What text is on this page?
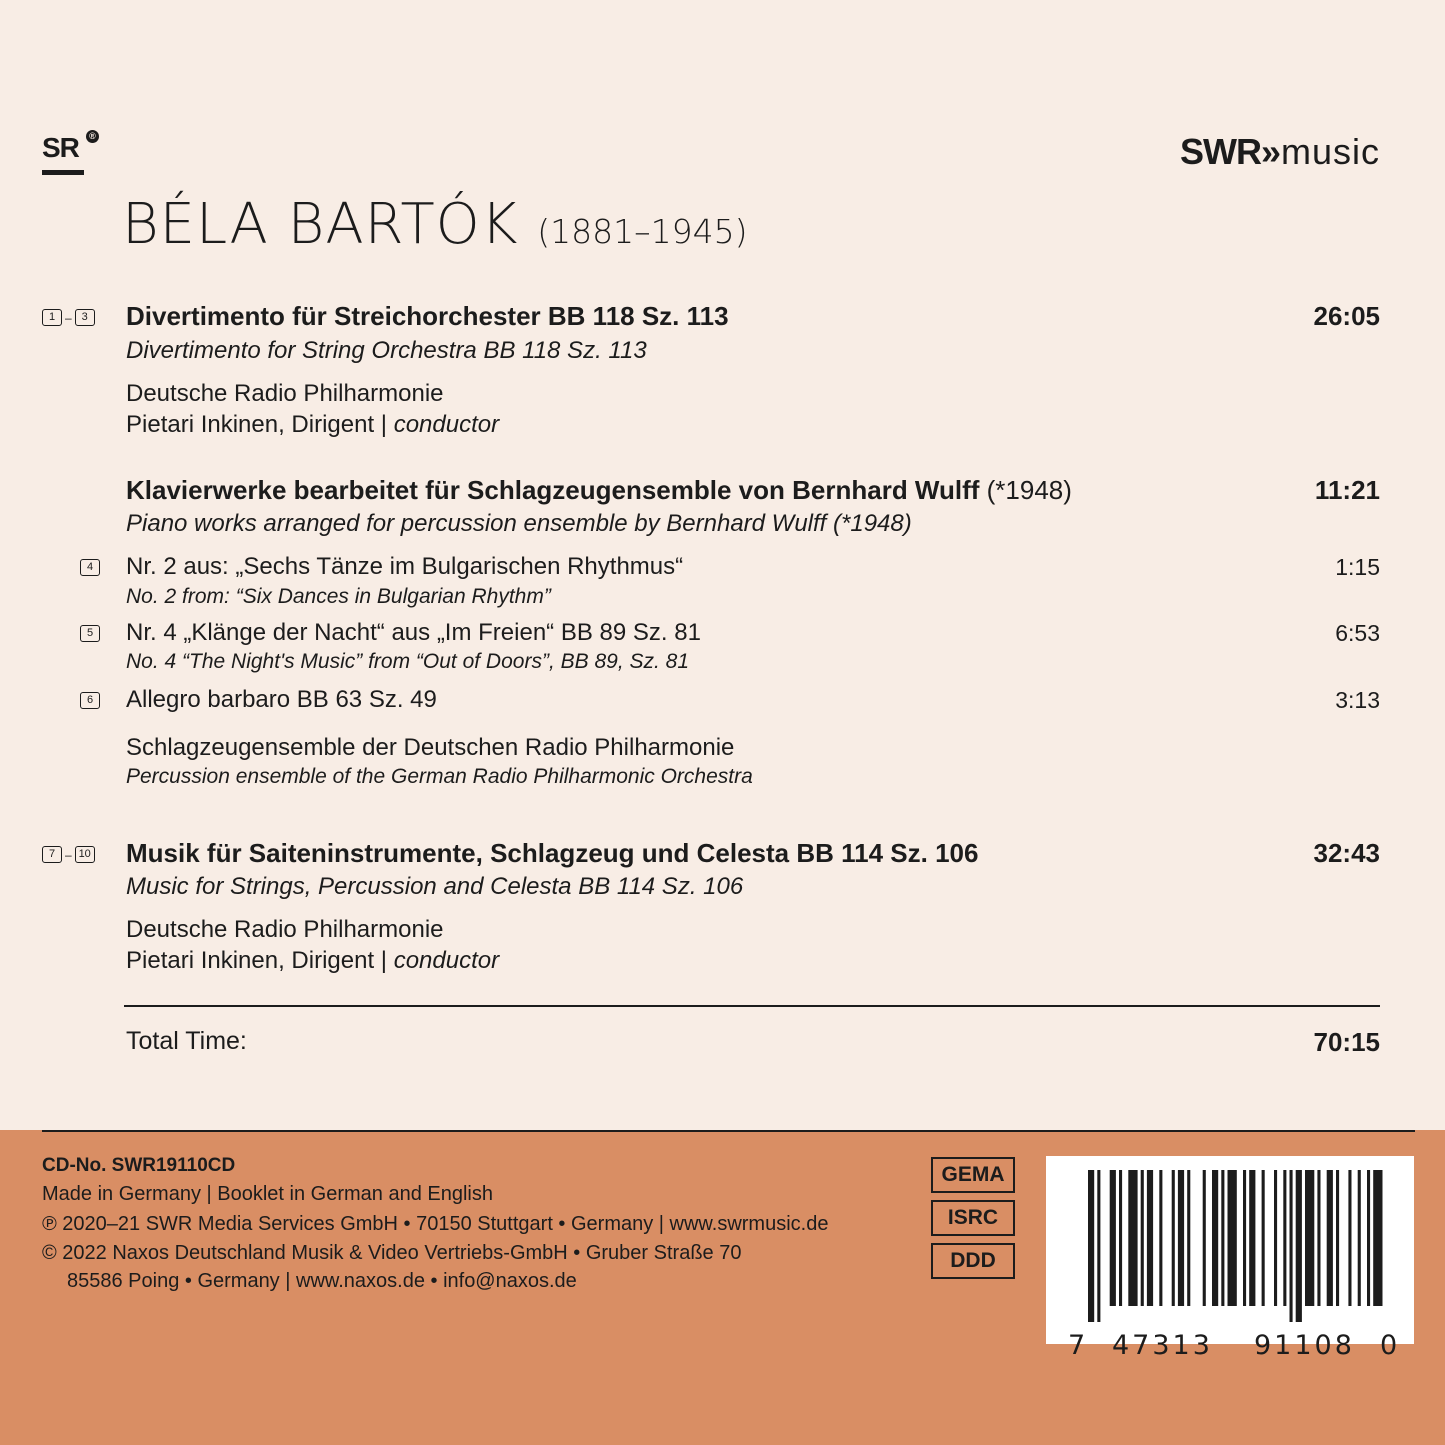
SR	®	SWR» music
BÉLA BARTÓK (1881–1945)
1 – 3 Divertimento für Streichorchester BB 118 Sz. 113	26:05
Divertimento for String Orchestra BB 118 Sz. 113
Deutsche Radio Philharmonie
Pietari Inkinen, Dirigent | conductor
Klavierwerke bearbeitet für Schlagzeugensemble von Bernhard Wulff (*1948)	11:21
Piano works arranged for percussion ensemble by Bernhard Wulff (*1948)
4 Nr. 2 aus: „Sechs Tänze im Bulgarischen Rhythmus“	1:15
No. 2 from: “Six Dances in Bulgarian Rhythm”
5 Nr. 4 „Klänge der Nacht“ aus „Im Freien“ BB 89 Sz. 81	6:53
No. 4 “The Night's Music” from “Out of Doors”, BB 89, Sz. 81
6 Allegro barbaro BB 63 Sz. 49	3:13
Schlagzeugensemble der Deutschen Radio Philharmonie
Percussion ensemble of the German Radio Philharmonic Orchestra
7 – 10 Musik für Saiteninstrumente, Schlagzeug und Celesta BB 114 Sz. 106	32:43
Music for Strings, Percussion and Celesta BB 114 Sz. 106
Deutsche Radio Philharmonie
Pietari Inkinen, Dirigent | conductor
Total Time:	70:15
CD-No. SWR19110CD
Made in Germany | Booklet in German and English
℗ 2020–21 SWR Media Services GmbH • 70150 Stuttgart • Germany | www.swrmusic.de
© 2022 Naxos Deutschland Musik & Video Vertriebs-GmbH • Gruber Straße 70
85586 Poing • Germany | www.naxos.de • info@naxos.de
GEMA
ISRC
DDD
7 47313 91108 0
